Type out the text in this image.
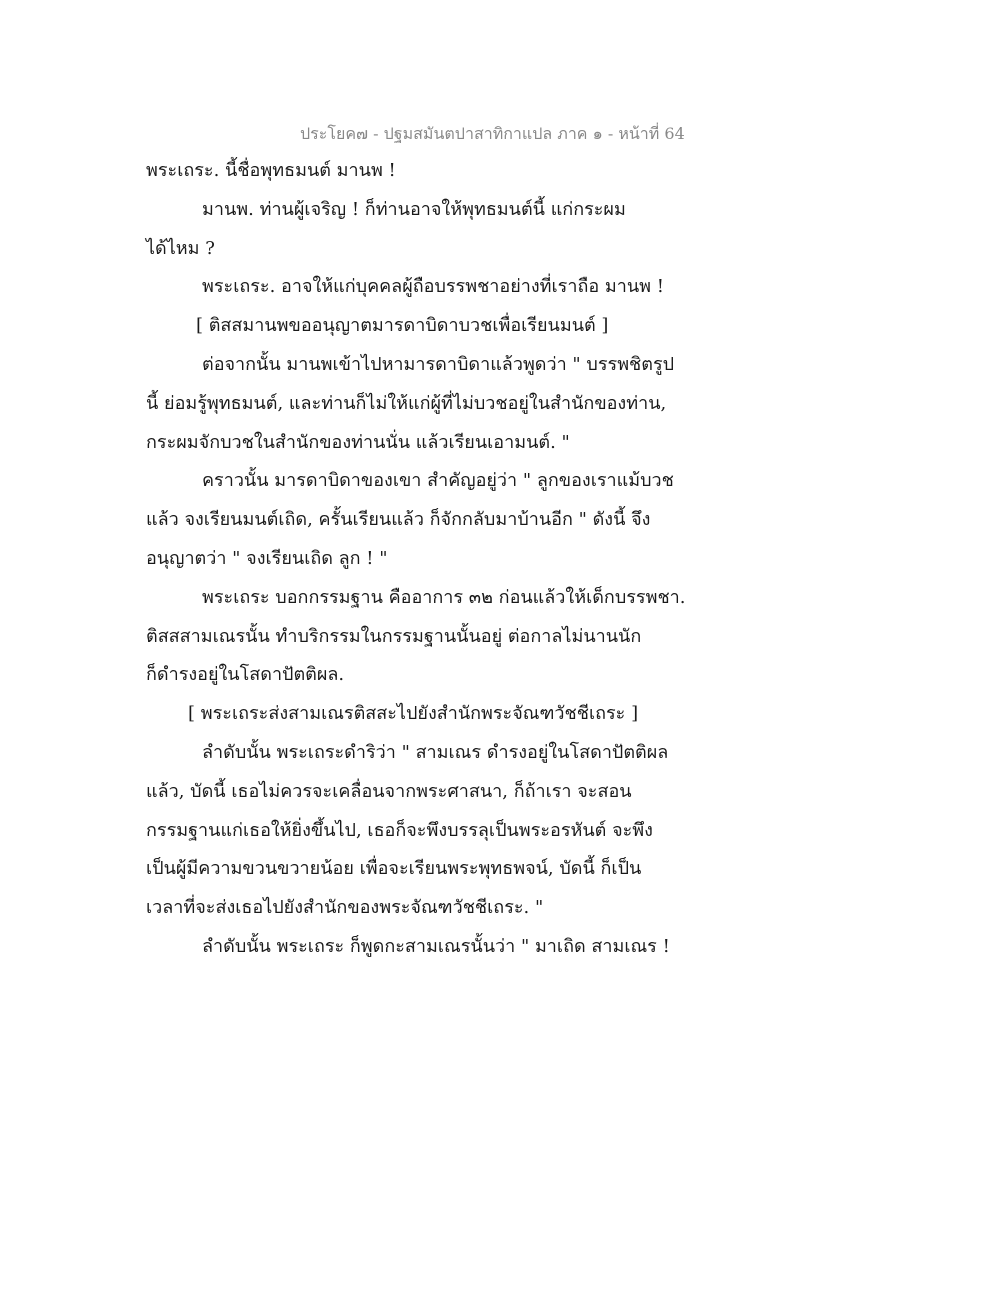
ประโยค๗ - ปฐมสมันตปาสาทิกาแปล ภาค ๑ - หน้าที่ 64
พระเถระ. นี้ชื่อพุทธมนต์ มานพ !
มานพ. ท่านผู้เจริญ ! ก็ท่านอาจให้พุทธมนต์นี้ แก่กระผม
ได้ไหม ?
พระเถระ. อาจให้แก่บุคคลผู้ถือบรรพชาอย่างที่เราถือ มานพ !
[ ติสสมานพขออนุญาตมารดาบิดาบวชเพื่อเรียนมนต์ ]
ต่อจากนั้น มานพเข้าไปหามารดาบิดาแล้วพูดว่า " บรรพชิตรูป
นี้ ย่อมรู้พุทธมนต์, และท่านก็ไม่ให้แก่ผู้ที่ไม่บวชอยู่ในสำนักของท่าน,
กระผมจักบวชในสำนักของท่านนั่น แล้วเรียนเอามนต์. "
คราวนั้น มารดาบิดาของเขา สำคัญอยู่ว่า " ลูกของเราแม้บวช
แล้ว จงเรียนมนต์เถิด, ครั้นเรียนแล้ว ก็จักกลับมาบ้านอีก " ดังนี้ จึง
อนุญาตว่า " จงเรียนเถิด ลูก ! "
พระเถระ บอกกรรมฐาน คืออาการ ๓๒ ก่อนแล้วให้เด็กบรรพชา.
ติสสสามเณรนั้น ทำบริกรรมในกรรมฐานนั้นอยู่ ต่อกาลไม่นานนัก
ก็ดำรงอยู่ในโสดาปัตติผล.
[ พระเถระส่งสามเณรติสสะไปยังสำนักพระจัณฑวัชชีเถระ ]
ลำดับนั้น พระเถระดำริว่า " สามเณร ดำรงอยู่ในโสดาปัตติผล
แล้ว, บัดนี้ เธอไม่ควรจะเคลื่อนจากพระศาสนา, ก็ถ้าเรา จะสอน
กรรมฐานแก่เธอให้ยิ่งขึ้นไป, เธอก็จะพึงบรรลุเป็นพระอรหันต์ จะพึง
เป็นผู้มีความขวนขวายน้อย เพื่อจะเรียนพระพุทธพจน์, บัดนี้ ก็เป็น
เวลาที่จะส่งเธอไปยังสำนักของพระจัณฑวัชชีเถระ. "
ลำดับนั้น พระเถระ ก็พูดกะสามเณรนั้นว่า " มาเถิด สามเณร !
